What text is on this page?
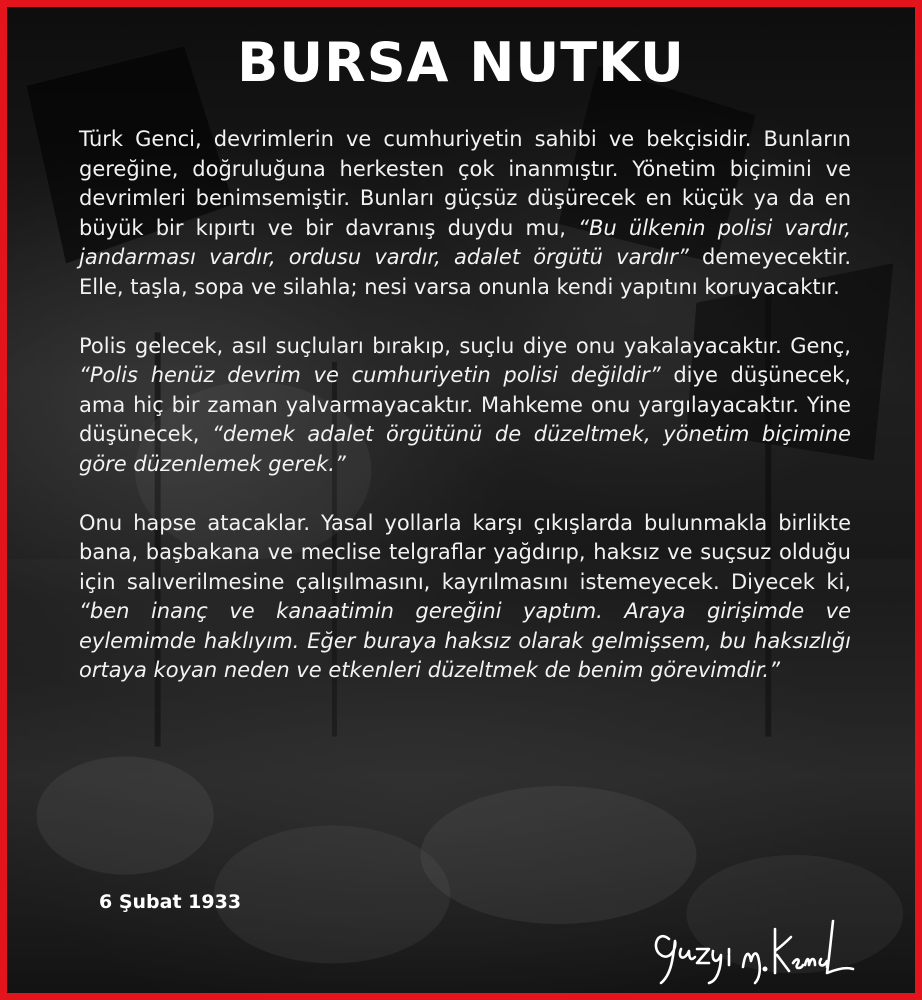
BURSA NUTKU

Türk Genci, devrimlerin ve cumhuriyetin sahibi ve bekçisidir. Bunların gereğine, doğruluğuna herkesten çok inanmıştır. Yönetim biçimini ve devrimleri benimsemiştir. Bunları güçsüz düşürecek en küçük ya da en büyük bir kıpırtı ve bir davranış duydu mu, “Bu ülkenin polisi vardır, jandarması vardır, ordusu vardır, adalet örgütü vardır” demeyecektir. Elle, taşla, sopa ve silahla; nesi varsa onunla kendi yapıtını koruyacaktır.

Polis gelecek, asıl suçluları bırakıp, suçlu diye onu yakalayacaktır. Genç, “Polis henüz devrim ve cumhuriyetin polisi değildir” diye düşünecek, ama hiç bir zaman yalvarmayacaktır. Mahkeme onu yargılayacaktır. Yine düşünecek, “demek adalet örgütünü de düzeltmek, yönetim biçimine göre düzenlemek gerek.”

Onu hapse atacaklar. Yasal yollarla karşı çıkışlarda bulunmakla birlikte bana, başbakana ve meclise telgraflar yağdırıp, haksız ve suçsuz olduğu için salıverilmesine çalışılmasını, kayrılmasını istemeyecek. Diyecek ki, “ben inanç ve kanaatimin gereğini yaptım. Araya girişimde ve eylemimde haklıyım. Eğer buraya haksız olarak gelmişsem, bu haksızlığı ortaya koyan neden ve etkenleri düzeltmek de benim görevimdir.”

6 Şubat 1933
